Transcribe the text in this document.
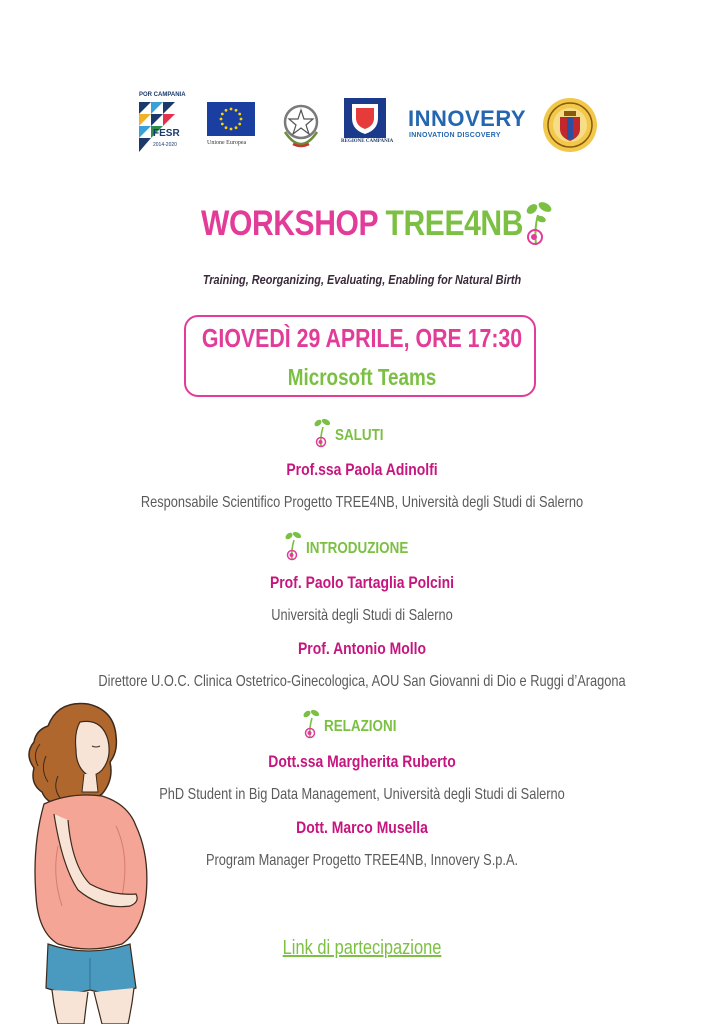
POR CAMPANIA
FESR
2014-2020	Unione Europea	REGIONE CAMPANIA
INNOVERY
INNOVATION DISCOVERY
WORKSHOP TREE4NB
Training, Reorganizing, Evaluating, Enabling for Natural Birth
GIOVEDÌ 29 APRILE, ORE 17:30
Microsoft Teams
SALUTI
Prof.ssa Paola Adinolfi
Responsabile Scientifico Progetto TREE4NB, Università degli Studi di Salerno
INTRODUZIONE
Prof. Paolo Tartaglia Polcini
Università degli Studi di Salerno
Prof. Antonio Mollo
Direttore U.O.C. Clinica Ostetrico-Ginecologica, AOU San Giovanni di Dio e Ruggi d’Aragona
RELAZIONI
Dott.ssa Margherita Ruberto
PhD Student in Big Data Management, Università degli Studi di Salerno
Dott. Marco Musella
Program Manager Progetto TREE4NB, Innovery S.p.A.
Link di partecipazione
